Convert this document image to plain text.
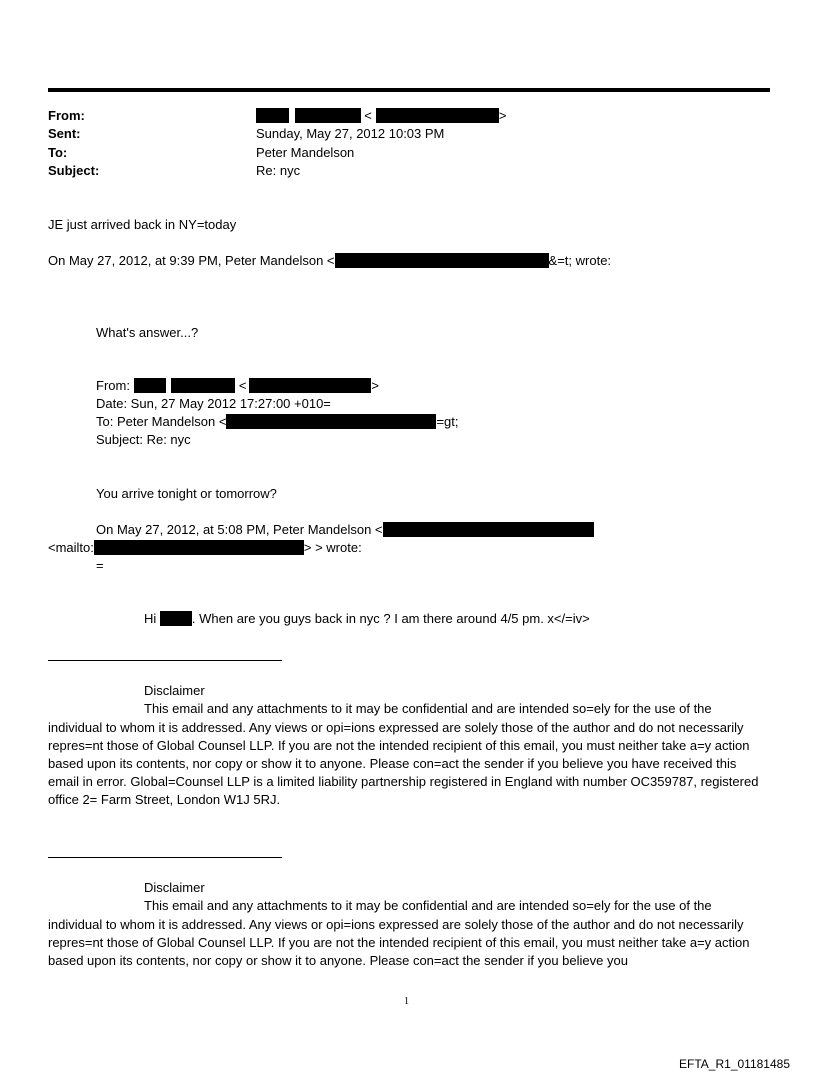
From:	<	>
Sent:	Sunday, May 27, 2012 10:03 PM
To:	Peter Mandelson
Subject:	Re: nyc
JE just arrived back in NY=today
On May 27, 2012, at 9:39 PM, Peter Mandelson <	&=t; wrote:
What's answer...?
From:	<	>
Date: Sun, 27 May 2012 17:27:00 +010=
To: Peter Mandelson <	=gt;
Subject: Re: nyc
You arrive tonight or tomorrow?
On May 27, 2012, at 5:08 PM, Peter Mandelson <
<mailto:	> > wrote:
=
Hi	. When are you guys back in nyc ? I am there around 4/5 pm. x</=iv>
Disclaimer
This email and any attachments to it may be confidential and are intended so=ely for the use of the
individual to whom it is addressed. Any views or opi=ions expressed are solely those of the author and do not necessarily repres=nt those of Global Counsel LLP. If you are not the intended recipient of this email, you must neither take a=y action based upon its contents, nor copy or show it to anyone. Please con=act the sender if you believe you have received this email in error. Global=Counsel LLP is a limited liability partnership registered in England with number OC359787, registered office 2= Farm Street, London W1J 5RJ.
Disclaimer
This email and any attachments to it may be confidential and are intended so=ely for the use of the
individual to whom it is addressed. Any views or opi=ions expressed are solely those of the author and do not necessarily repres=nt those of Global Counsel LLP. If you are not the intended recipient of this email, you must neither take a=y action based upon its contents, nor copy or show it to anyone. Please con=act the sender if you believe you
1
EFTA_R1_01181485
